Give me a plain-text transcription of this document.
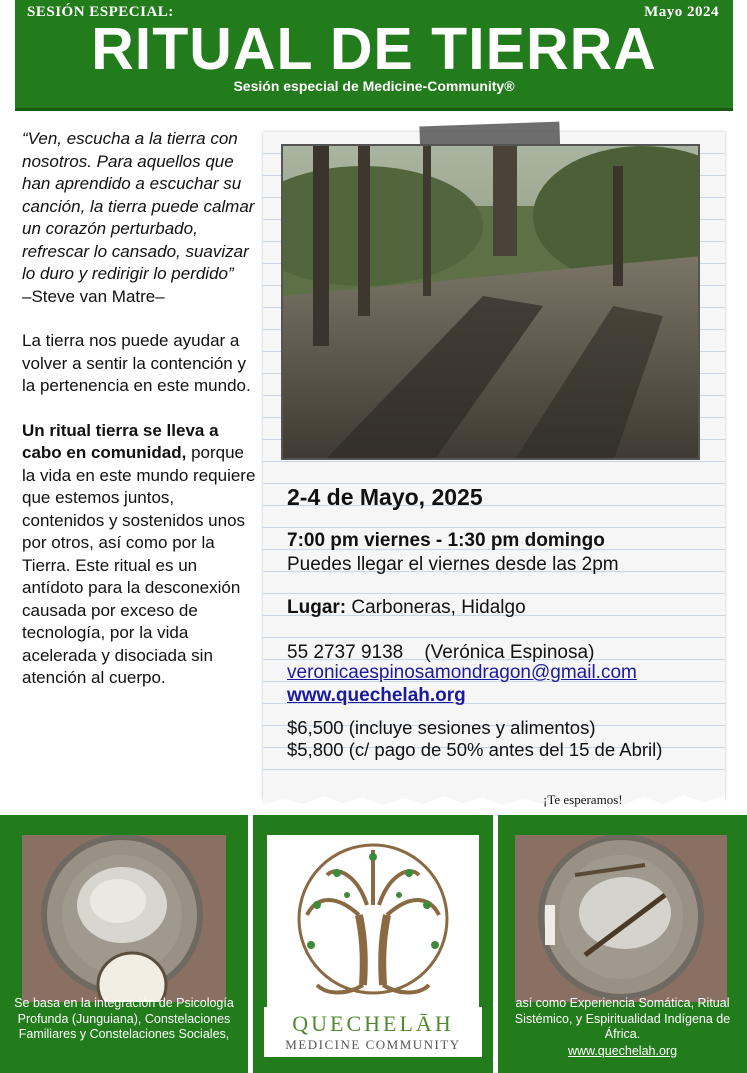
SESIÓN ESPECIAL:	Mayo 2024
RITUAL DE TIERRA
Sesión especial de Medicine-Community®
“Ven, escucha a la tierra con nosotros. Para aquellos que han aprendido a escuchar su canción, la tierra puede calmar un corazón perturbado, refrescar lo cansado, suavizar lo duro y redirigir lo perdido”
–Steve van Matre–
La tierra nos puede ayudar a volver a sentir la contención y la pertenencia en este mundo.
Un ritual tierra se lleva a cabo en comunidad, porque la vida en este mundo requiere que estemos juntos, contenidos y sostenidos unos por otros, así como por la Tierra. Este ritual es un antídoto para la desconexión causada por exceso de tecnología, por la vida acelerada y disociada sin atención al cuerpo.
2-4 de Mayo, 2025
7:00 pm viernes - 1:30 pm domingo
Puedes llegar el viernes desde las 2pm
Lugar: Carboneras, Hidalgo
55 2737 9138 (Verónica Espinosa)
veronicaespinosamondragon@gmail.com
www.quechelah.org
$6,500 (incluye sesiones y alimentos)
$5,800 (c/ pago de 50% antes del 15 de Abril)
¡Te esperamos!
Se basa en la integración de Psicología Profunda (Junguiana), Constelaciones Familiares y Constelaciones Sociales,	QUECHELĀH
MEDICINE COMMUNITY
así como Experiencia Somática, Ritual Sistémico, y Espiritualidad Indígena de África.
www.quechelah.org
